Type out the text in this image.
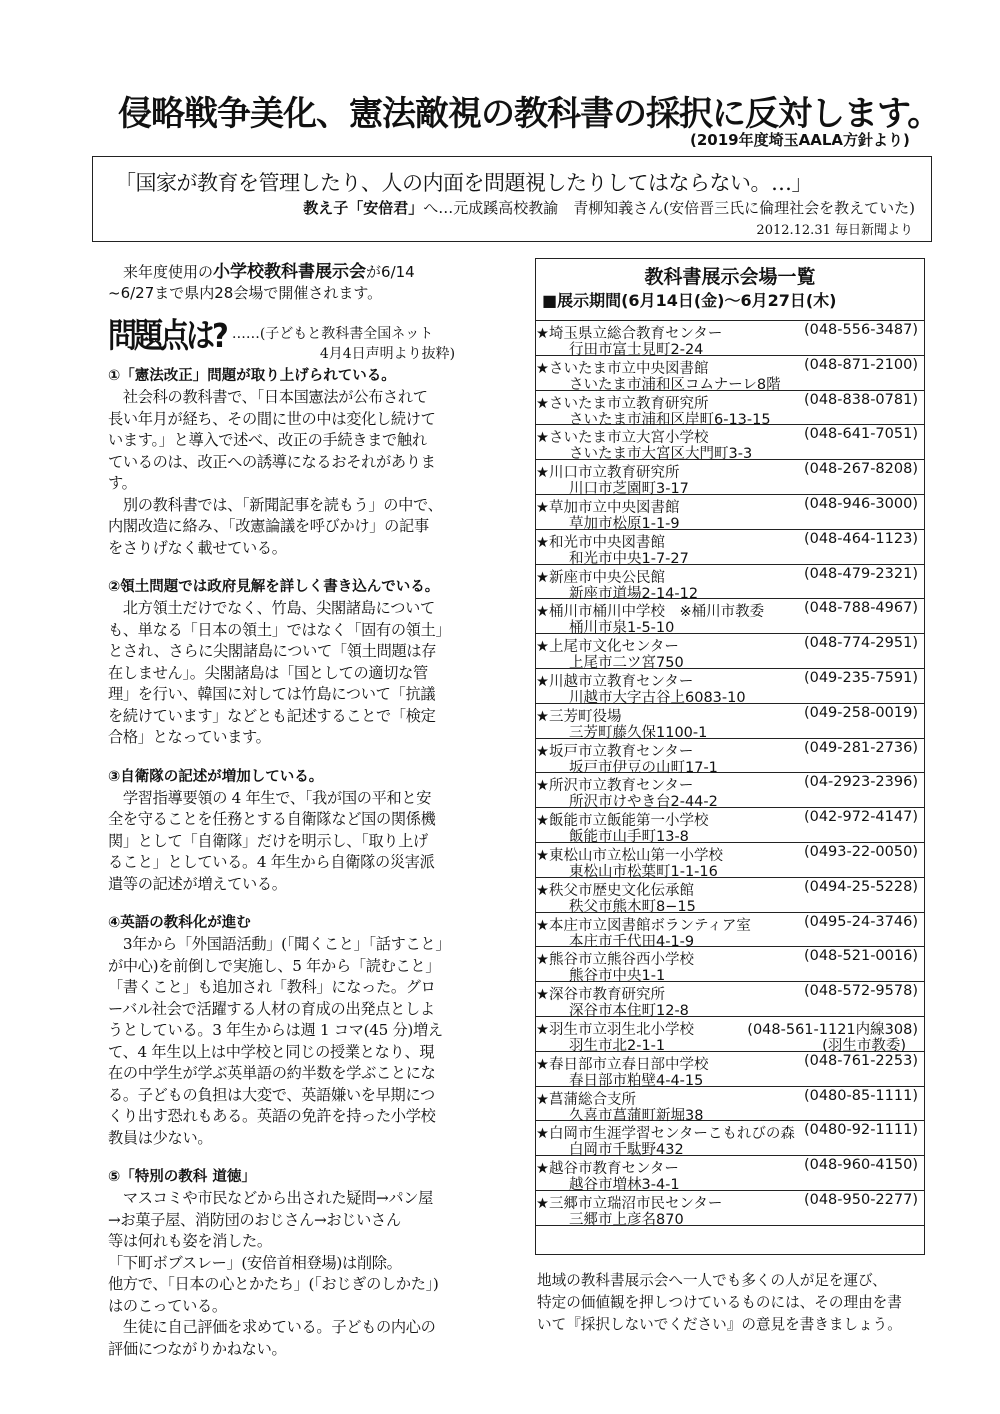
侵略戦争美化、憲法敵視の教科書の採択に反対します。
(2019年度埼玉AALA方針より)
「国家が教育を管理したり、人の内面を問題視したりしてはならない。…」
教え子「安倍君」へ…元成蹊高校教諭　青柳知義さん(安倍晋三氏に倫理社会を教えていた)
2012.12.31 毎日新聞より

　来年度使用の小学校教科書展示会が6/14

~6/27まで県内28会場で開催されます。

問題点は? ……(子どもと教科書全国ネット
4月4日声明より抜粋)

①「憲法改正」問題が取り上げられている。

　社会科の教科書で、「日本国憲法が公布されて

長い年月が経ち、その間に世の中は変化し続けて

います。」と導入で述べ、改正の手続きまで触れ

ているのは、改正への誘導になるおそれがありま

す。

　別の教科書では、「新聞記事を読もう」の中で、

内閣改造に絡み、「改憲論議を呼びかけ」の記事

をさりげなく載せている。

②領土問題では政府見解を詳しく書き込んでいる。

　北方領土だけでなく、竹島、尖閣諸島について

も、単なる「日本の領土」ではなく「固有の領土」

とされ、さらに尖閣諸島について「領土問題は存

在しません」。尖閣諸島は「国としての適切な管

理」を行い、韓国に対しては竹島について「抗議

を続けています」などとも記述することで「検定

合格」となっています。

③自衛隊の記述が増加している。

　学習指導要領の 4 年生で、「我が国の平和と安

全を守ることを任務とする自衛隊など国の関係機

関」として「自衛隊」だけを明示し、「取り上げ

ること」としている。4 年生から自衛隊の災害派

遣等の記述が増えている。

④英語の教科化が進む

　3年から「外国語活動」(「聞くこと」「話すこと」

が中心)を前倒しで実施し、5 年から「読むこと」

「書くこと」も追加され「教科」になった。グロ

ーバル社会で活躍する人材の育成の出発点としよ

うとしている。3 年生からは週 1 コマ(45 分)増え

て、4 年生以上は中学校と同じの授業となり、現

在の中学生が学ぶ英単語の約半数を学ぶことにな

る。子どもの負担は大変で、英語嫌いを早期につ

くり出す恐れもある。英語の免許を持った小学校

教員は少ない。

⑤「特別の教科 道徳」

　マスコミや市民などから出された疑問→パン屋

→お菓子屋、消防団のおじさん→おじいさん

等は何れも姿を消した。

「下町ボブスレー」(安倍首相登場)は削除。

他方で、「日本の心とかたち」(「おじぎのしかた」)

はのこっている。

　生徒に自己評価を求めている。子どもの内心の

評価につながりかねない。

教科書展示会場一覧
■展示期間(6月14日(金)〜6月27日(木)
★埼玉県立総合教育センター	(048-556-3487)
行田市富士見町2-24
★さいたま市立中央図書館	(048-871-2100)
さいたま市浦和区コムナーレ8階
★さいたま市立教育研究所	(048-838-0781)
さいたま市浦和区岸町6-13-15
★さいたま市立大宮小学校	(048-641-7051)
さいたま市大宮区大門町3-3
★川口市立教育研究所	(048-267-8208)
川口市芝園町3-17
★草加市立中央図書館	(048-946-3000)
草加市松原1-1-9
★和光市中央図書館	(048-464-1123)
和光市中央1-7-27
★新座市中央公民館	(048-479-2321)
新座市道場2-14-12
★桶川市桶川中学校　※桶川市教委	(048-788-4967)
桶川市泉1-5-10
★上尾市文化センター	(048-774-2951)
上尾市二ツ宮750
★川越市立教育センター	(049-235-7591)
川越市大字古谷上6083-10
★三芳町役場	(049-258-0019)
三芳町藤久保1100-1
★坂戸市立教育センター	(049-281-2736)
坂戸市伊豆の山町17-1
★所沢市立教育センター	(04-2923-2396)
所沢市けやき台2-44-2
★飯能市立飯能第一小学校	(042-972-4147)
飯能市山手町13-8
★東松山市立松山第一小学校	(0493-22-0050)
東松山市松葉町1-1-16
★秩父市歴史文化伝承館	(0494-25-5228)
秩父市熊木町8−15
★本庄市立図書館ボランティア室	(0495-24-3746)
本庄市千代田4-1-9
★熊谷市立熊谷西小学校	(048-521-0016)
熊谷市中央1-1
★深谷市教育研究所	(048-572-9578)
深谷市本住町12-8
★羽生市立羽生北小学校	(048-561-1121内線308)
羽生市北2-1-1	(羽生市教委)
★春日部市立春日部中学校	(048-761-2253)
春日部市粕壁4-4-15
★菖蒲総合支所	(0480-85-1111)
久喜市菖蒲町新堀38
★白岡市生涯学習センターこもれびの森 (0480-92-1111)
白岡市千駄野432
★越谷市教育センター	(048-960-4150)
越谷市増林3-4-1
★三郷市立瑞沼市民センター	(048-950-2277)
三郷市上彦名870

地域の教科書展示会へ一人でも多くの人が足を運び、

特定の価値観を押しつけているものには、その理由を書

いて『採択しないでください』の意見を書きましょう。
